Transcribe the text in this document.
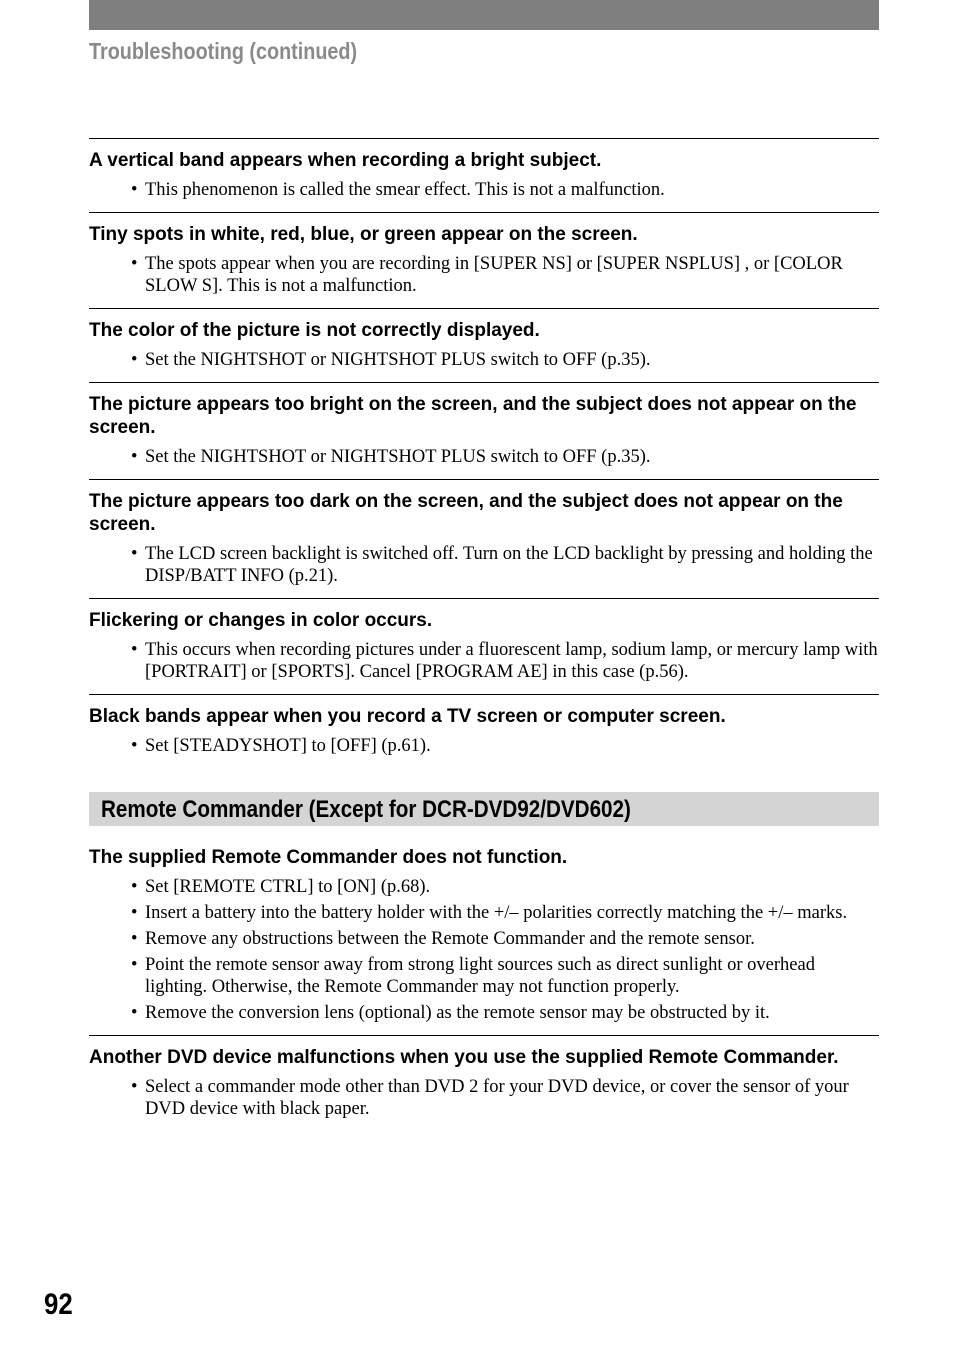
Troubleshooting (continued)
A vertical band appears when recording a bright subject.
• This phenomenon is called the smear effect. This is not a malfunction.
Tiny spots in white, red, blue, or green appear on the screen.
• The spots appear when you are recording in [SUPER NS] or [SUPER NSPLUS] , or [COLOR SLOW S]. This is not a malfunction.
The color of the picture is not correctly displayed.
• Set the NIGHTSHOT or NIGHTSHOT PLUS switch to OFF (p.35).
The picture appears too bright on the screen, and the subject does not appear on the screen.
• Set the NIGHTSHOT or NIGHTSHOT PLUS switch to OFF (p.35).
The picture appears too dark on the screen, and the subject does not appear on the screen.
• The LCD screen backlight is switched off. Turn on the LCD backlight by pressing and holding the DISP/BATT INFO (p.21).
Flickering or changes in color occurs.
• This occurs when recording pictures under a fluorescent lamp, sodium lamp, or mercury lamp with [PORTRAIT] or [SPORTS]. Cancel [PROGRAM AE] in this case (p.56).
Black bands appear when you record a TV screen or computer screen.
• Set [STEADYSHOT] to [OFF] (p.61).
Remote Commander (Except for DCR-DVD92/DVD602)
The supplied Remote Commander does not function.
• Set [REMOTE CTRL] to [ON] (p.68).
• Insert a battery into the battery holder with the +/– polarities correctly matching the +/– marks.
• Remove any obstructions between the Remote Commander and the remote sensor.
• Point the remote sensor away from strong light sources such as direct sunlight or overhead lighting. Otherwise, the Remote Commander may not function properly.
• Remove the conversion lens (optional) as the remote sensor may be obstructed by it.
Another DVD device malfunctions when you use the supplied Remote Commander.
• Select a commander mode other than DVD 2 for your DVD device, or cover the sensor of your DVD device with black paper.
92
